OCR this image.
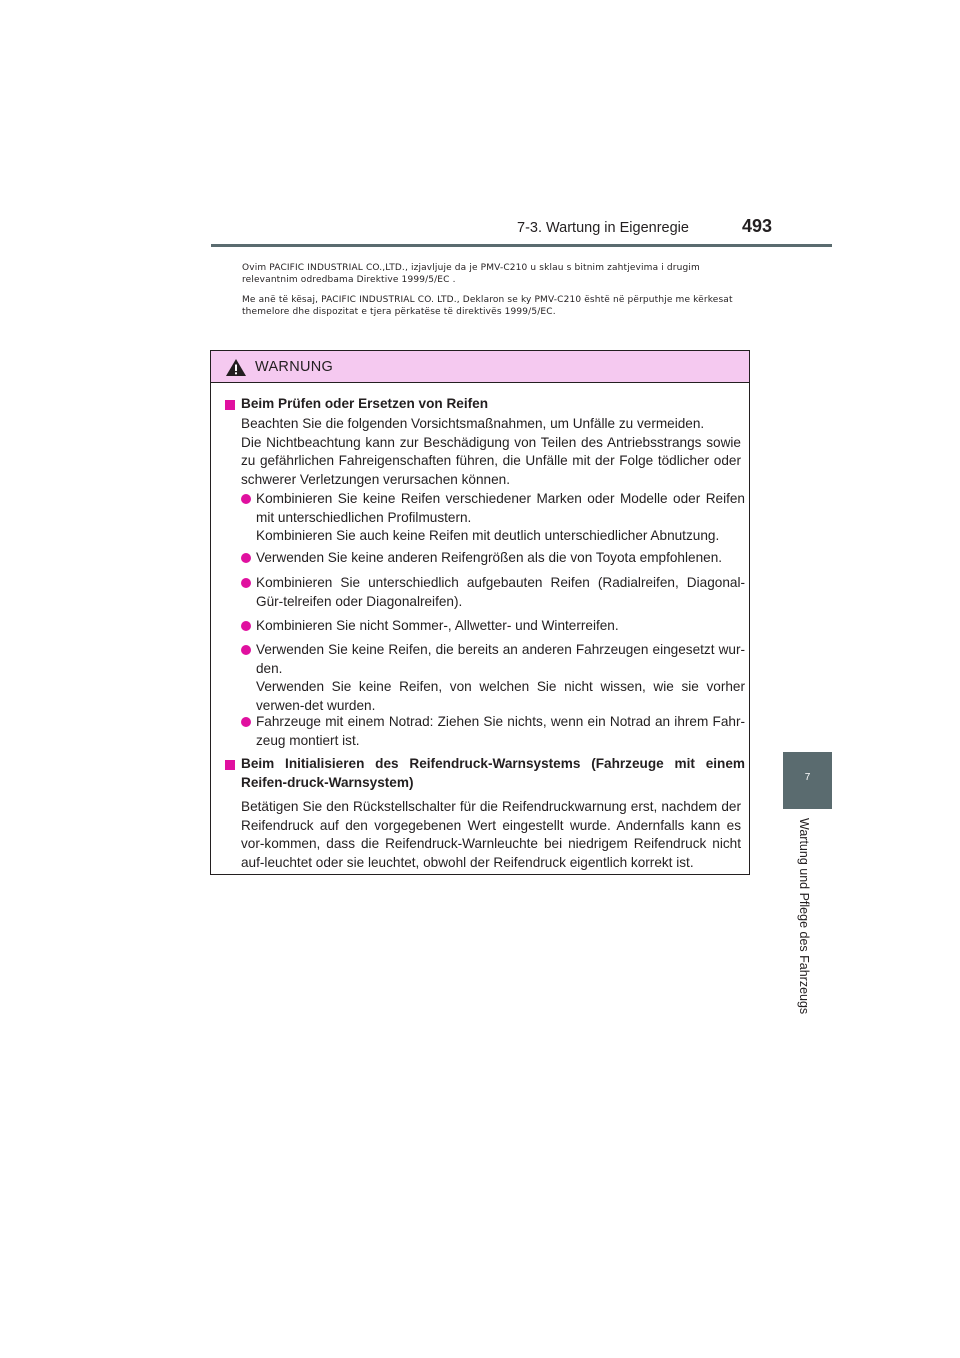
7-3. Wartung in Eigenregie	493
Ovim PACIFIC INDUSTRIAL CO.,LTD., izjavljuje da je PMV-C210 u sklau s bitnim zahtjevima i drugim relevantnim odredbama Direktive 1999/5/EC .
Me anë të kësaj, PACIFIC INDUSTRIAL CO. LTD., Deklaron se ky PMV-C210 është në përputhje me kërkesat themelore dhe dispozitat e tjera përkatëse të direktivës 1999/5/EC.
7
Wartung und Pflege des Fahrzeugs
WARNUNG
Beim Prüfen oder Ersetzen von Reifen
Beachten Sie die folgenden Vorsichtsmaßnahmen, um Unfälle zu vermeiden.
Die Nichtbeachtung kann zur Beschädigung von Teilen des Antriebsstrangs sowie zu gefährlichen Fahreigenschaften führen, die Unfälle mit der Folge tödlicher oder schwerer Verletzungen verursachen können.
Kombinieren Sie keine Reifen verschiedener Marken oder Modelle oder Reifen mit unterschiedlichen Profilmustern.
Kombinieren Sie auch keine Reifen mit deutlich unterschiedlicher Abnutzung.
Verwenden Sie keine anderen Reifengrößen als die von Toyota empfohlenen.
Kombinieren Sie unterschiedlich aufgebauten Reifen (Radialreifen, Diagonal-Gür-telreifen oder Diagonalreifen).
Kombinieren Sie nicht Sommer-, Allwetter- und Winterreifen.
Verwenden Sie keine Reifen, die bereits an anderen Fahrzeugen eingesetzt wur-den.
Verwenden Sie keine Reifen, von welchen Sie nicht wissen, wie sie vorher verwen-det wurden.
Fahrzeuge mit einem Notrad: Ziehen Sie nichts, wenn ein Notrad an ihrem Fahr-zeug montiert ist.
Beim Initialisieren des Reifendruck-Warnsystems (Fahrzeuge mit einem Reifen-druck-Warnsystem)
Betätigen Sie den Rückstellschalter für die Reifendruckwarnung erst, nachdem der Reifendruck auf den vorgegebenen Wert eingestellt wurde. Andernfalls kann es vor-kommen, dass die Reifendruck-Warnleuchte bei niedrigem Reifendruck nicht auf-leuchtet oder sie leuchtet, obwohl der Reifendruck eigentlich korrekt ist.
